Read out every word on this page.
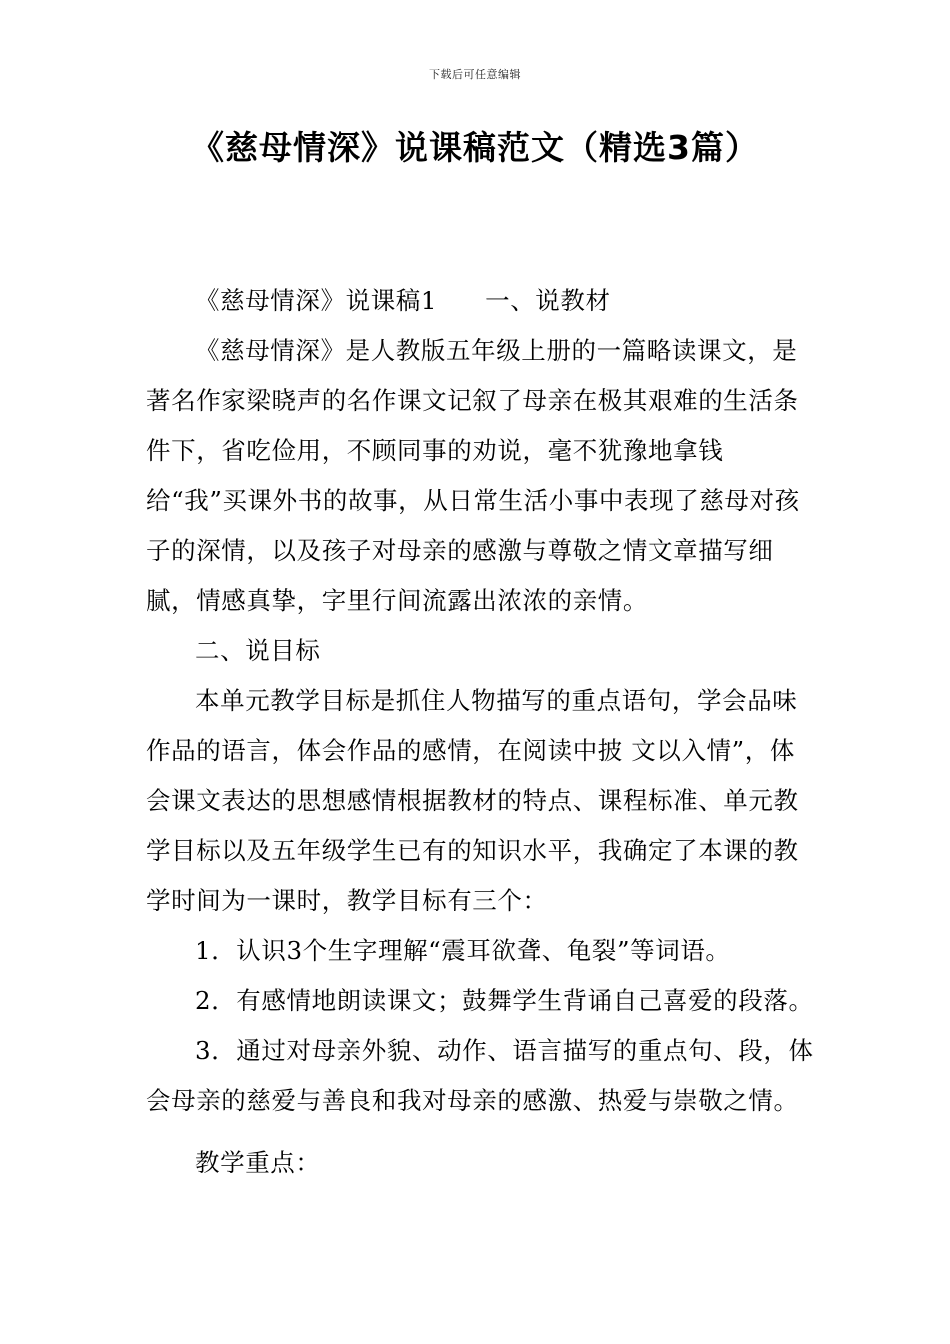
下载后可任意编辑
《慈母情深》说课稿范文（精选3篇）

《慈母情深》说课稿1 一、说教材

《慈母情深》是人教版五年级上册的一篇略读课文，是著名作家梁晓声的名作课文记叙了母亲在极其艰难的生活条件下，省吃俭用，不顾同事的劝说，毫不犹豫地拿钱给“我”买课外书的故事，从日常生活小事中表现了慈母对孩子的深情，以及孩子对母亲的感激与尊敬之情文章描写细腻，情感真挚，字里行间流露出浓浓的亲情。

二、说目标

本单元教学目标是抓住人物描写的重点语句，学会品味作品的语言，体会作品的感情，在阅读中披 文以入情”，体会课文表达的思想感情根据教材的特点、课程标准、单元教学目标以及五年级学生已有的知识水平，我确定了本课的教学时间为一课时，教学目标有三个：

1．认识3个生字理解“震耳欲聋、龟裂”等词语。

2．有感情地朗读课文；鼓舞学生背诵自己喜爱的段落。

3．通过对母亲外貌、动作、语言描写的重点句、段，体会母亲的慈爱与善良和我对母亲的感激、热爱与崇敬之情。

教学重点：
